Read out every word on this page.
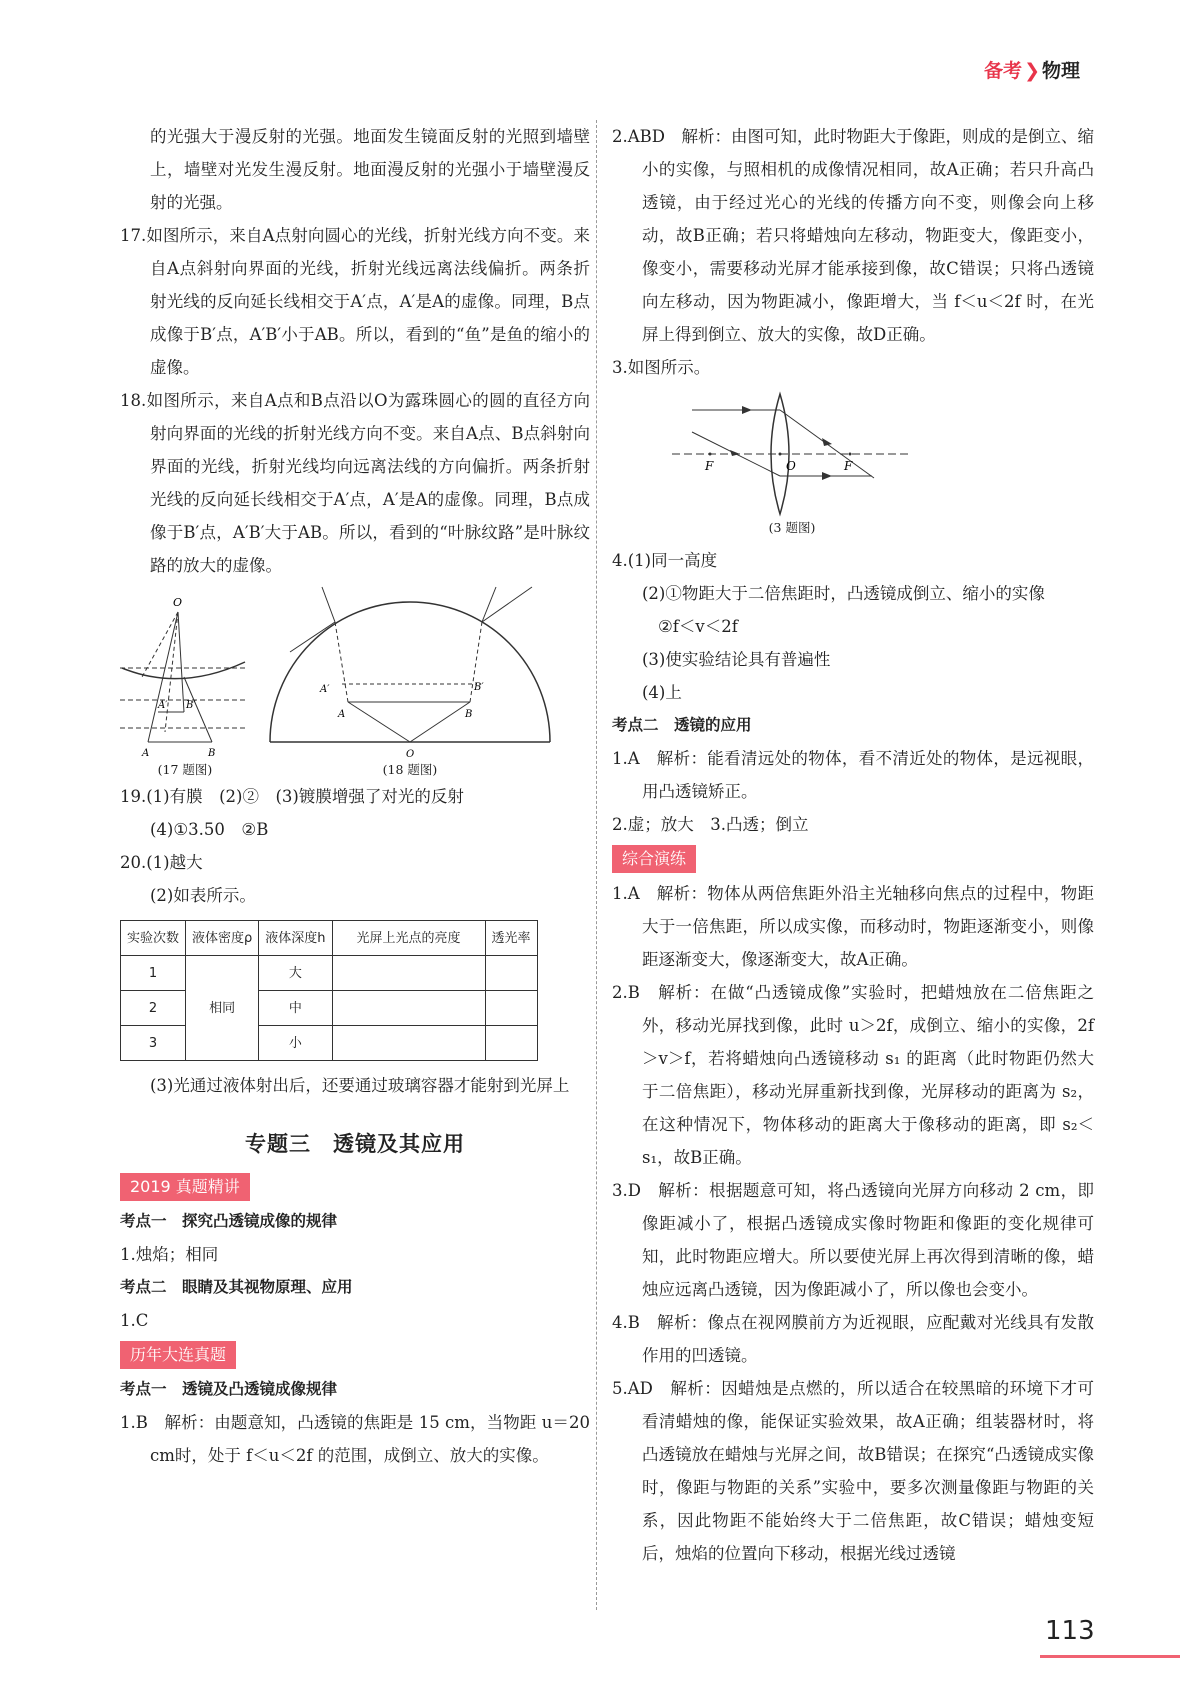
备考 ❯ 物理

的光强大于漫反射的光强。地面发生镜面反射的光照到墙壁上，墙壁对光发生漫反射。地面漫反射的光强小于墙壁漫反射的光强。

17.如图所示，来自A点射向圆心的光线，折射光线方向不变。来自A点斜射向界面的光线，折射光线远离法线偏折。两条折射光线的反向延长线相交于A′点，A′是A的虚像。同理，B点成像于B′点，A′B′小于AB。所以，看到的“鱼”是鱼的缩小的虚像。

18.如图所示，来自A点和B点沿以O为露珠圆心的圆的直径方向射向界面的光线的折射光线方向不变。来自A点、B点斜射向界面的光线，折射光线均向远离法线的方向偏折。两条折射光线的反向延长线相交于A′点，A′是A的虚像。同理，B点成像于B′点，A′B′大于AB。所以，看到的“叶脉纹路”是叶脉纹路的放大的虚像。

O
A′ B′
A	B
(17 题图)
A′
A
B′
B
O
(18 题图)

19.(1)有膜　(2)②　(3)镀膜增强了对光的反射

(4)①3.50　②B

20.(1)越大

(2)如表所示。

实验次数	液体密度ρ	液体深度h	光屏上光点的亮度	透光率
1	相同	大		
2		中		
3		小		

(3)光通过液体射出后，还要通过玻璃容器才能射到光屏上

专题三　透镜及其应用
2019 真题精讲

考点一　探究凸透镜成像的规律

1.烛焰；相同

考点二　眼睛及其视物原理、应用

1.C

历年大连真题

考点一　透镜及凸透镜成像规律

1.B　解析：由题意知，凸透镜的焦距是 15 cm，当物距 u＝20 cm时，处于 f＜u＜2f 的范围，成倒立、放大的实像。

2.ABD　解析：由图可知，此时物距大于像距，则成的是倒立、缩小的实像，与照相机的成像情况相同，故A正确；若只升高凸透镜，由于经过光心的光线的传播方向不变，则像会向上移动，故B正确；若只将蜡烛向左移动，物距变大，像距变小，像变小，需要移动光屏才能承接到像，故C错误；只将凸透镜向左移动，因为物距减小，像距增大，当 f＜u＜2f 时，在光屏上得到倒立、放大的实像，故D正确。

3.如图所示。

F	O	F
(3 题图)

4.(1)同一高度

(2)①物距大于二倍焦距时，凸透镜成倒立、缩小的实像

②f＜v＜2f

(3)使实验结论具有普遍性

(4)上

考点二　透镜的应用

1.A　解析：能看清远处的物体，看不清近处的物体，是远视眼，用凸透镜矫正。

2.虚；放大　3.凸透；倒立

综合演练

1.A　解析：物体从两倍焦距外沿主光轴移向焦点的过程中，物距大于一倍焦距，所以成实像，而移动时，物距逐渐变小，则像距逐渐变大，像逐渐变大，故A正确。

2.B　解析：在做“凸透镜成像”实验时，把蜡烛放在二倍焦距之外，移动光屏找到像，此时 u＞2f，成倒立、缩小的实像，2f＞v＞f，若将蜡烛向凸透镜移动 s₁ 的距离（此时物距仍然大于二倍焦距），移动光屏重新找到像，光屏移动的距离为 s₂，在这种情况下，物体移动的距离大于像移动的距离，即 s₂＜s₁，故B正确。

3.D　解析：根据题意可知，将凸透镜向光屏方向移动 2 cm，即像距减小了，根据凸透镜成实像时物距和像距的变化规律可知，此时物距应增大。所以要使光屏上再次得到清晰的像，蜡烛应远离凸透镜，因为像距减小了，所以像也会变小。

4.B　解析：像点在视网膜前方为近视眼，应配戴对光线具有发散作用的凹透镜。

5.AD　解析：因蜡烛是点燃的，所以适合在较黑暗的环境下才可看清蜡烛的像，能保证实验效果，故A正确；组装器材时，将凸透镜放在蜡烛与光屏之间，故B错误；在探究“凸透镜成实像时，像距与物距的关系”实验中，要多次测量像距与物距的关系，因此物距不能始终大于二倍焦距，故C错误；蜡烛变短后，烛焰的位置向下移动，根据光线过透镜

113
